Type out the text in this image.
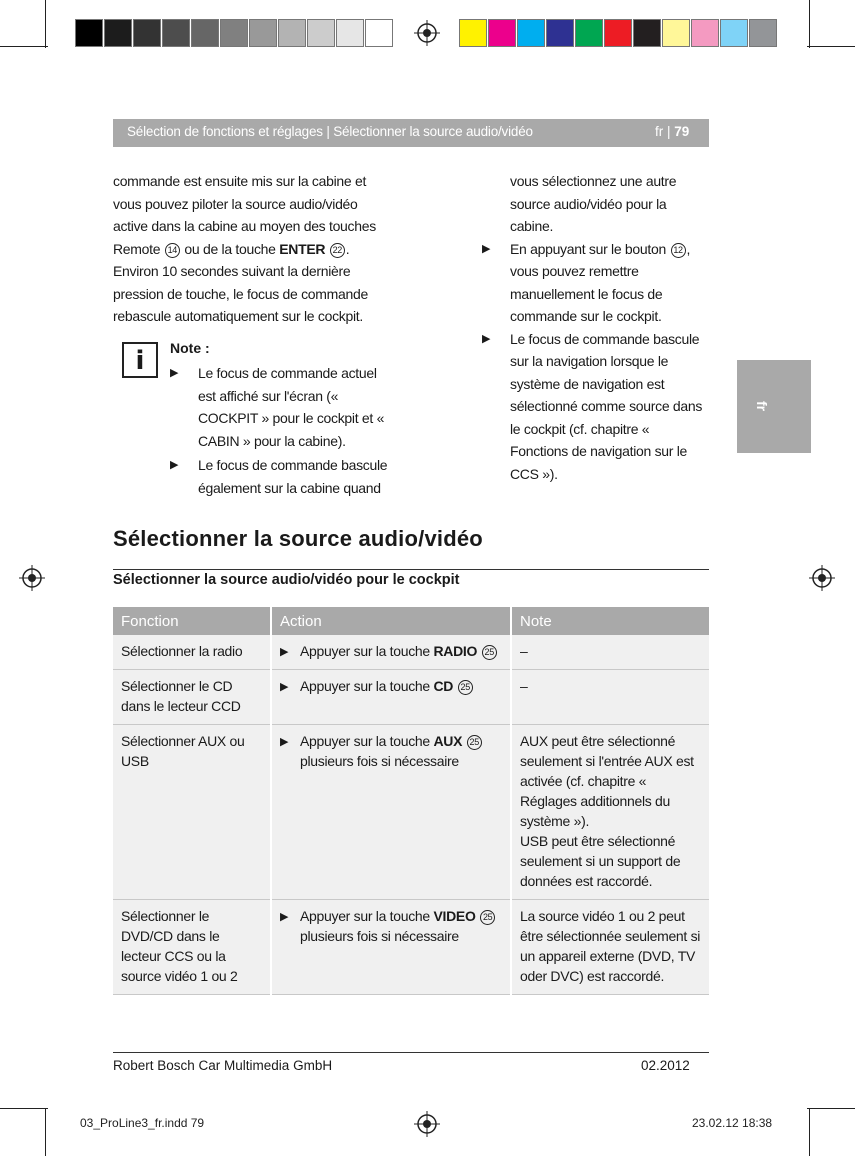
Sélection de fonctions et réglages | Sélectionner la source audio/vidéo	fr | 79
fr
commande est ensuite mis sur la cabine et vous pouvez piloter la source audio/vidéo active dans la cabine au moyen des touches Remote 14 ou de la touche ENTER 22 .
Environ 10 secondes suivant la dernière pression de touche, le focus de commande rebascule automatiquement sur le cockpit.
i	Note :
▶ Le focus de commande actuel est affiché sur l'écran (« COCKPIT » pour le cockpit et « CABIN » pour la cabine).
▶ Le focus de commande bascule également sur la cabine quand
vous sélectionnez une autre source audio/vidéo pour la cabine.
▶ En appuyant sur le bouton 12 , vous pouvez remettre manuellement le focus de commande sur le cockpit.
▶ Le focus de commande bascule sur la navigation lorsque le système de navigation est sélectionné comme source dans le cockpit (cf. chapitre « Fonctions de navigation sur le CCS »).
Sélectionner la source audio/vidéo
Sélectionner la source audio/vidéo pour le cockpit
Fonction	Action	Note
Sélectionner la radio	▶ Appuyer sur la touche RADIO 25	–
Sélectionner le CD dans le lecteur CCD	▶ Appuyer sur la touche CD 25	–
Sélectionner AUX ou USB	▶ Appuyer sur la touche AUX 25 plusieurs fois si nécessaire	AUX peut être sélectionné seulement si l'entrée AUX est activée (cf. chapitre « Réglages additionnels du système »).
USB peut être sélectionné seulement si un support de données est raccordé.
Sélectionner le DVD/CD dans le lecteur CCS ou la source vidéo 1 ou 2	▶ Appuyer sur la touche VIDEO 25 plusieurs fois si nécessaire	La source vidéo 1 ou 2 peut être sélectionnée seulement si un appareil externe (DVD, TV oder DVC) est raccordé.
Robert Bosch Car Multimedia GmbH	02.2012
03_ProLine3_fr.indd 79	23.02.12 18:38
